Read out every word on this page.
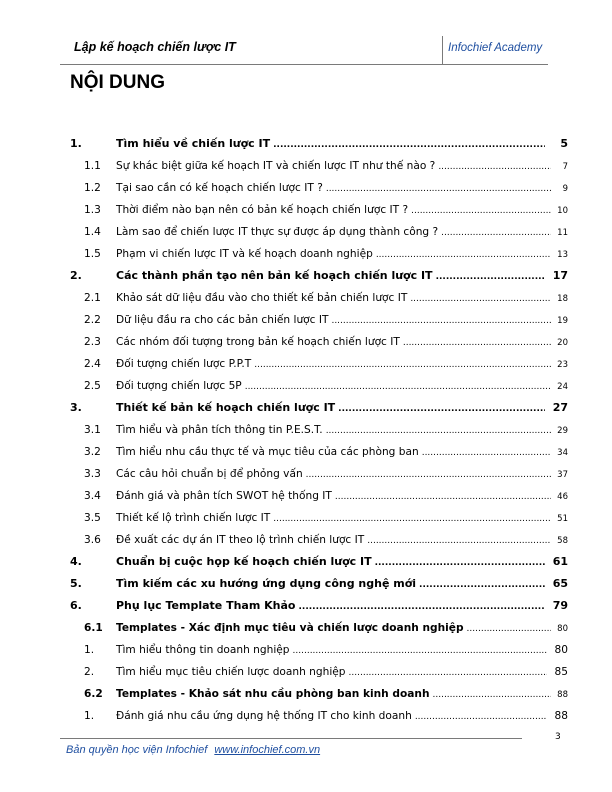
Lập kế hoạch chiến lược IT	Infochief Academy
NỘI DUNG
1.	Tìm hiểu về chiến lược IT .....	5
1.1	Sự khác biệt giữa kế hoạch IT và chiến lược IT như thế nào ? .....	7
1.2	Tại sao cần có kế hoạch chiến lược IT ? .....	9
1.3	Thời điểm nào bạn nên có bản kế hoạch chiến lược IT ? .....	10
1.4	Làm sao để chiến lược IT thực sự được áp dụng thành công ? .....	11
1.5	Phạm vi chiến lược IT và kế hoạch doanh nghiệp .....	13
2.	Các thành phần tạo nên bản kế hoạch chiến lược IT .....	17
2.1	Khảo sát dữ liệu đầu vào cho thiết kế bản chiến lược IT .....	18
2.2	Dữ liệu đầu ra cho các bản chiến lược IT .....	19
2.3	Các nhóm đối tượng trong bản kế hoạch chiến lược IT .....	20
2.4	Đối tượng chiến lược P.P.T .....	23
2.5	Đối tượng chiến lược 5P .....	24
3.	Thiết kế bản kế hoạch chiến lược IT .....	27
3.1	Tìm hiểu và phân tích thông tin P.E.S.T. .....	29
3.2	Tìm hiểu nhu cầu thực tế và mục tiêu của các phòng ban .....	34
3.3	Các câu hỏi chuẩn bị để phỏng vấn .....	37
3.4	Đánh giá và phân tích SWOT hệ thống IT .....	46
3.5	Thiết kế lộ trình chiến lược IT .....	51
3.6	Đề xuất các dự án IT theo lộ trình chiến lược IT .....	58
4.	Chuẩn bị cuộc họp kế hoạch chiến lược IT .....	61
5.	Tìm kiếm các xu hướng ứng dụng công nghệ mới .....	65
6.	Phụ lục Template Tham Khảo .....	79
6.1	Templates - Xác định mục tiêu và chiến lược doanh nghiệp .....	80
1.	Tìm hiểu thông tin doanh nghiệp .....	80
2.	Tìm hiểu mục tiêu chiến lược doanh nghiệp .....	85
6.2	Templates - Khảo sát nhu cầu phòng ban kinh doanh .....	88
1.	Đánh giá nhu cầu ứng dụng hệ thống IT cho kinh doanh .....	88
3
Bản quyền học viện Infochief www.infochief.com.vn
